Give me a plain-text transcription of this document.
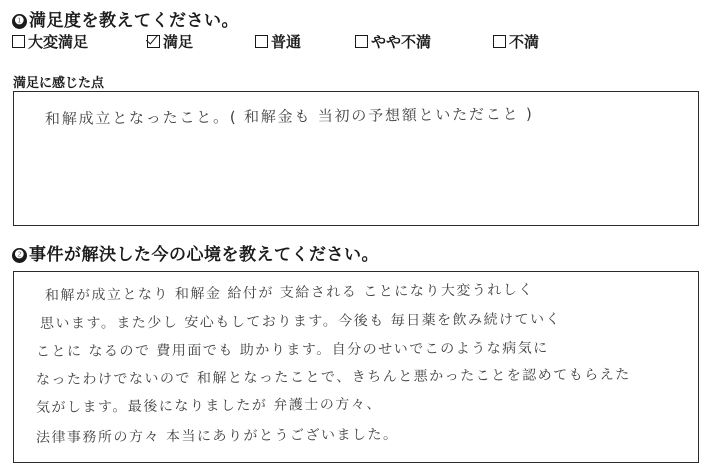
❶ 満足度を教えてください。
大変満足	満足	普通	やや不満	不満
満足に感じた点
和解成立となったこと。( 和解金も 当初の予想額といただこと )
❷ 事件が解決した今の心境を教えてください。
和解が成立となり 和解金 給付が 支給される ことになり大変うれしく
思います。また少し 安心もしております。今後も 毎日薬を飲み続けていく
ことに なるので 費用面でも 助かります。自分のせいでこのような病気に
なったわけでないので 和解となったことで、きちんと悪かったことを認めてもらえた
気がします。最後になりましたが 弁護士の方々、
法律事務所の方々 本当にありがとうございました。
